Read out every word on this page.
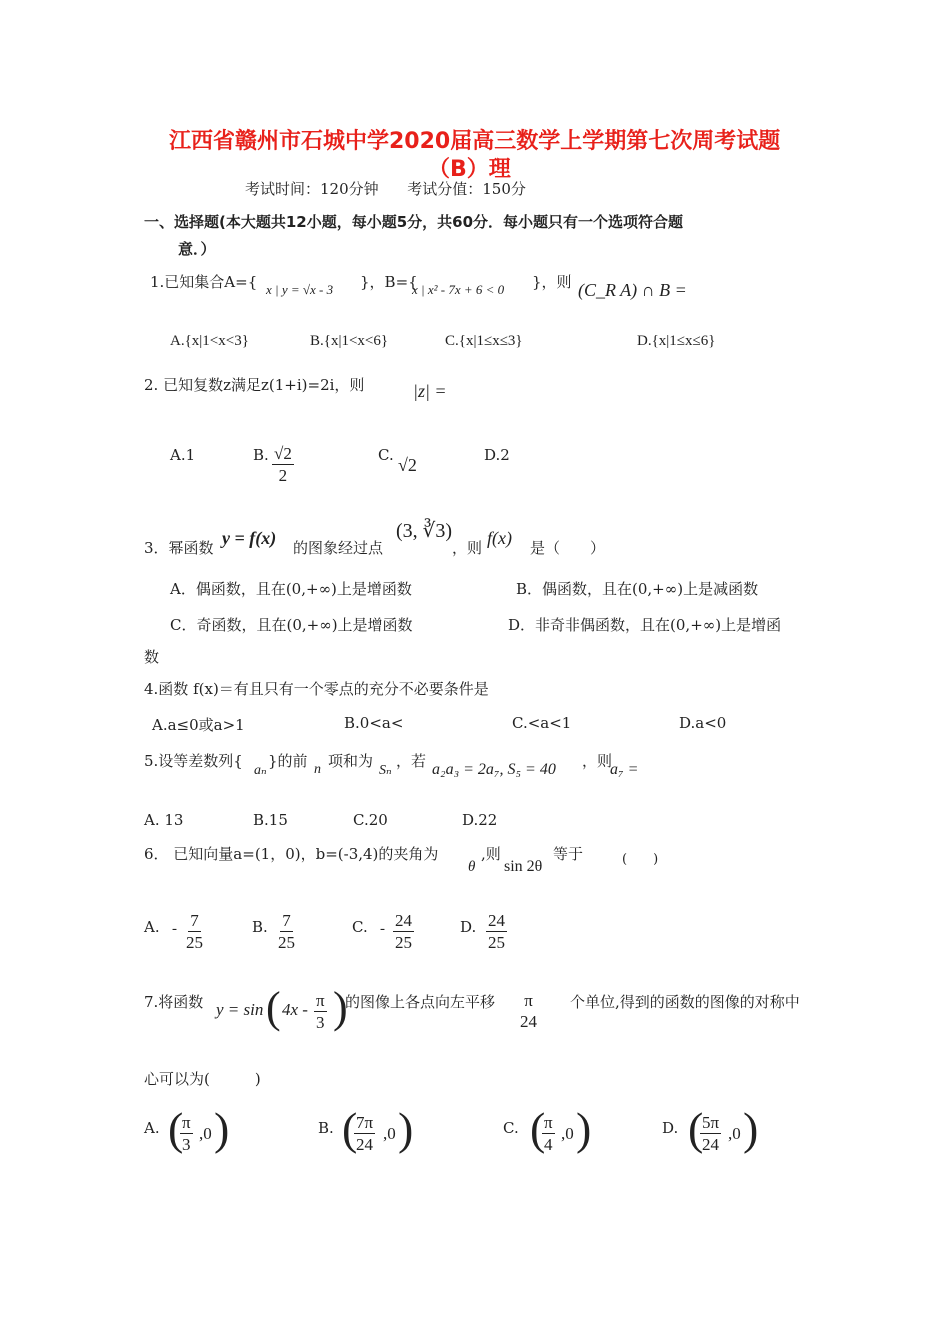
江西省赣州市石城中学2020届高三数学上学期第七次周考试题
（B）理
考试时间：120分钟      考试分值：150分
一、选择题(本大题共12小题，每小题5分，共60分．每小题只有一个选项符合题
意．）
1.已知集合A={ x | y = √x - 3 }，B={
x | x² - 7x + 6 < 0 }，则 (C_R A) ∩ B =
A.{x|1<x<3}	B.{x|1<x<6}	C.{x|1≤x≤3}	D.{x|1≤x≤6}
2. 已知复数z满足z(1+i)=2i，则	|z| =
A.1	B. $\frac{√2}{2}$	C. √2	D.2
3．幂函数 y = f(x) 的图象经过点
(3, ∛3)
，则 f(x) 是（　　）
A．偶函数，且在(0,+∞)上是增函数	B．偶函数，且在(0,+∞)上是减函数
C．奇函数，且在(0,+∞)上是增函数	D．非奇非偶函数，且在(0,+∞)上是增函
数
4.函数 f(x)＝有且只有一个零点的充分不必要条件是
A.a≤0或a>1	B.0<a<	C.<a<1	D.a<0
5.设等差数列{
aₙ
}的前 n 项和为
Sₙ
，若 a₂a₃ = 2a₇, S₅ = 40 ，则
a₇ =
A. 13	B.15	C.20	D.22
6． 已知向量a=(1，0)，b=(-3,4)的夹角为
θ
,则
sin 2θ
等于	(　　)
A. - $\frac{7}{25}$	B. $\frac{7}{25}$	C. - $\frac{24}{25}$	D. $\frac{24}{25}$
7.将函数 y = sin ( $4x - \frac{\pi}{3}$ )
的图像上各点向左平移 π
24
个单位,得到的函数的图像的对称中
心可以为(　　　)
A. (
$\frac{\pi}{3} ,0$ )	B. (
$\frac{7\pi}{24} ,0$ )	C. (
$\frac{\pi}{4} ,0$ )	D. (
$\frac{5\pi}{24} ,0$ )
